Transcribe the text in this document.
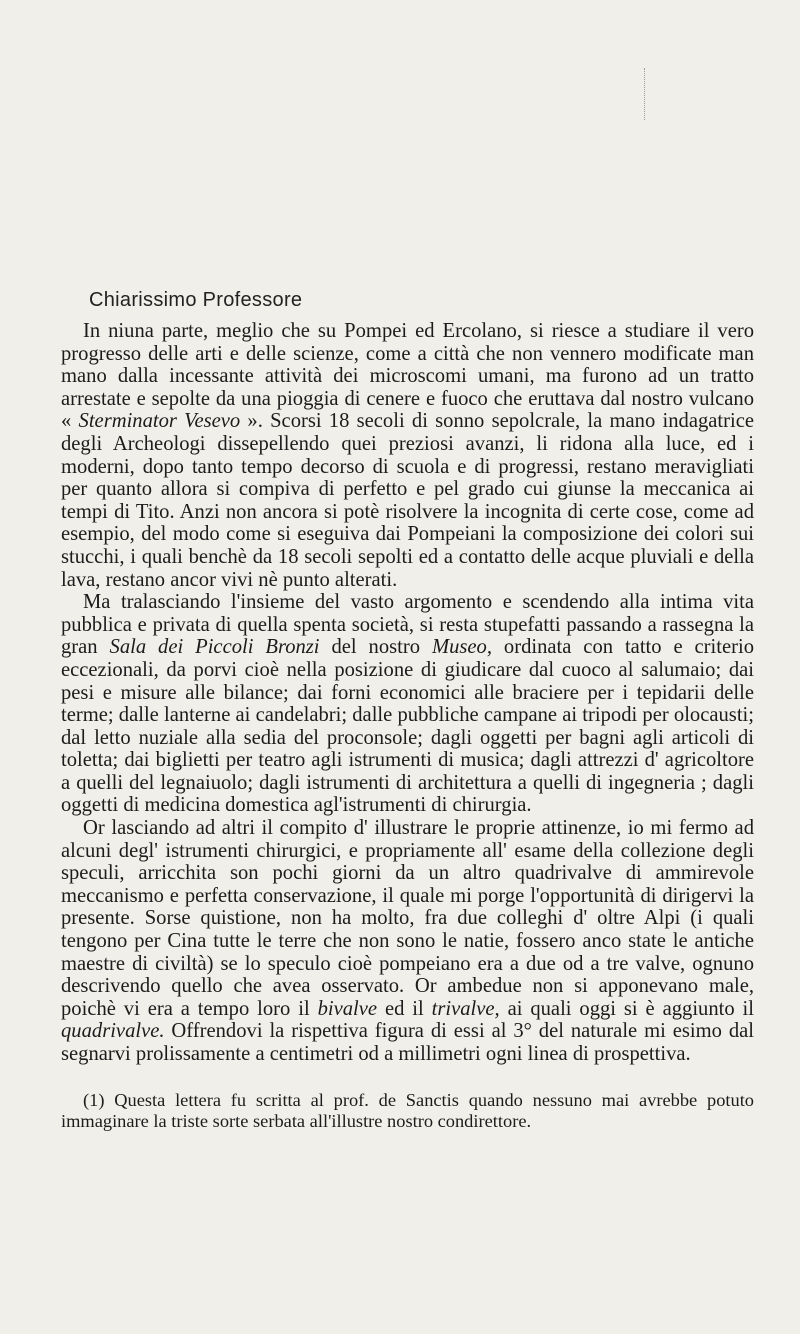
Chiarissimo Professore

In niuna parte, meglio che su Pompei ed Ercolano, si riesce a studiare il vero progresso delle arti e delle scienze, come a città che non vennero modificate man mano dalla incessante attività dei microscomi umani, ma furono ad un tratto arrestate e sepolte da una pioggia di cenere e fuoco che eruttava dal nostro vulcano « Sterminator Vesevo ». Scorsi 18 secoli di sonno sepolcrale, la mano indagatrice degli Archeologi dissepellendo quei preziosi avanzi, li ridona alla luce, ed i moderni, dopo tanto tempo decorso di scuola e di progressi, restano meravigliati per quanto allora si compiva di perfetto e pel grado cui giunse la meccanica ai tempi di Tito. Anzi non ancora si potè risolvere la incognita di certe cose, come ad esempio, del modo come si eseguiva dai Pompeiani la composizione dei colori sui stucchi, i quali benchè da 18 secoli sepolti ed a contatto delle acque pluviali e della lava, restano ancor vivi nè punto alterati.

Ma tralasciando l'insieme del vasto argomento e scendendo alla intima vita pubblica e privata di quella spenta società, si resta stupefatti passando a rassegna la gran Sala dei Piccoli Bronzi del nostro Museo, ordinata con tatto e criterio eccezionali, da porvi cioè nella posizione di giudicare dal cuoco al salumaio; dai pesi e misure alle bilance; dai forni economici alle braciere per i tepidarii delle terme; dalle lanterne ai candelabri; dalle pubbliche campane ai tripodi per olocausti; dal letto nuziale alla sedia del proconsole; dagli oggetti per bagni agli articoli di toletta; dai biglietti per teatro agli istrumenti di musica; dagli attrezzi d' agricoltore a quelli del legnaiuolo; dagli istrumenti di architettura a quelli di ingegneria ; dagli oggetti di medicina domestica agl'istrumenti di chirurgia.

Or lasciando ad altri il compito d' illustrare le proprie attinenze, io mi fermo ad alcuni degl' istrumenti chirurgici, e propriamente all' esame della collezione degli speculi, arricchita son pochi giorni da un altro quadrivalve di ammirevole meccanismo e perfetta conservazione, il quale mi porge l'opportunità di dirigervi la presente. Sorse quistione, non ha molto, fra due colleghi d' oltre Alpi (i quali tengono per Cina tutte le terre che non sono le natie, fossero anco state le antiche maestre di civiltà) se lo speculo cioè pompeiano era a due od a tre valve, ognuno descrivendo quello che avea osservato. Or ambedue non si apponevano male, poichè vi era a tempo loro il bivalve ed il trivalve, ai quali oggi si è aggiunto il quadrivalve. Offrendovi la rispettiva figura di essi al 3° del naturale mi esimo dal segnarvi prolissamente a centimetri od a millimetri ogni linea di prospettiva.

(1) Questa lettera fu scritta al prof. de Sanctis quando nessuno mai avrebbe potuto immaginare la triste sorte serbata all'illustre nostro condirettore.
